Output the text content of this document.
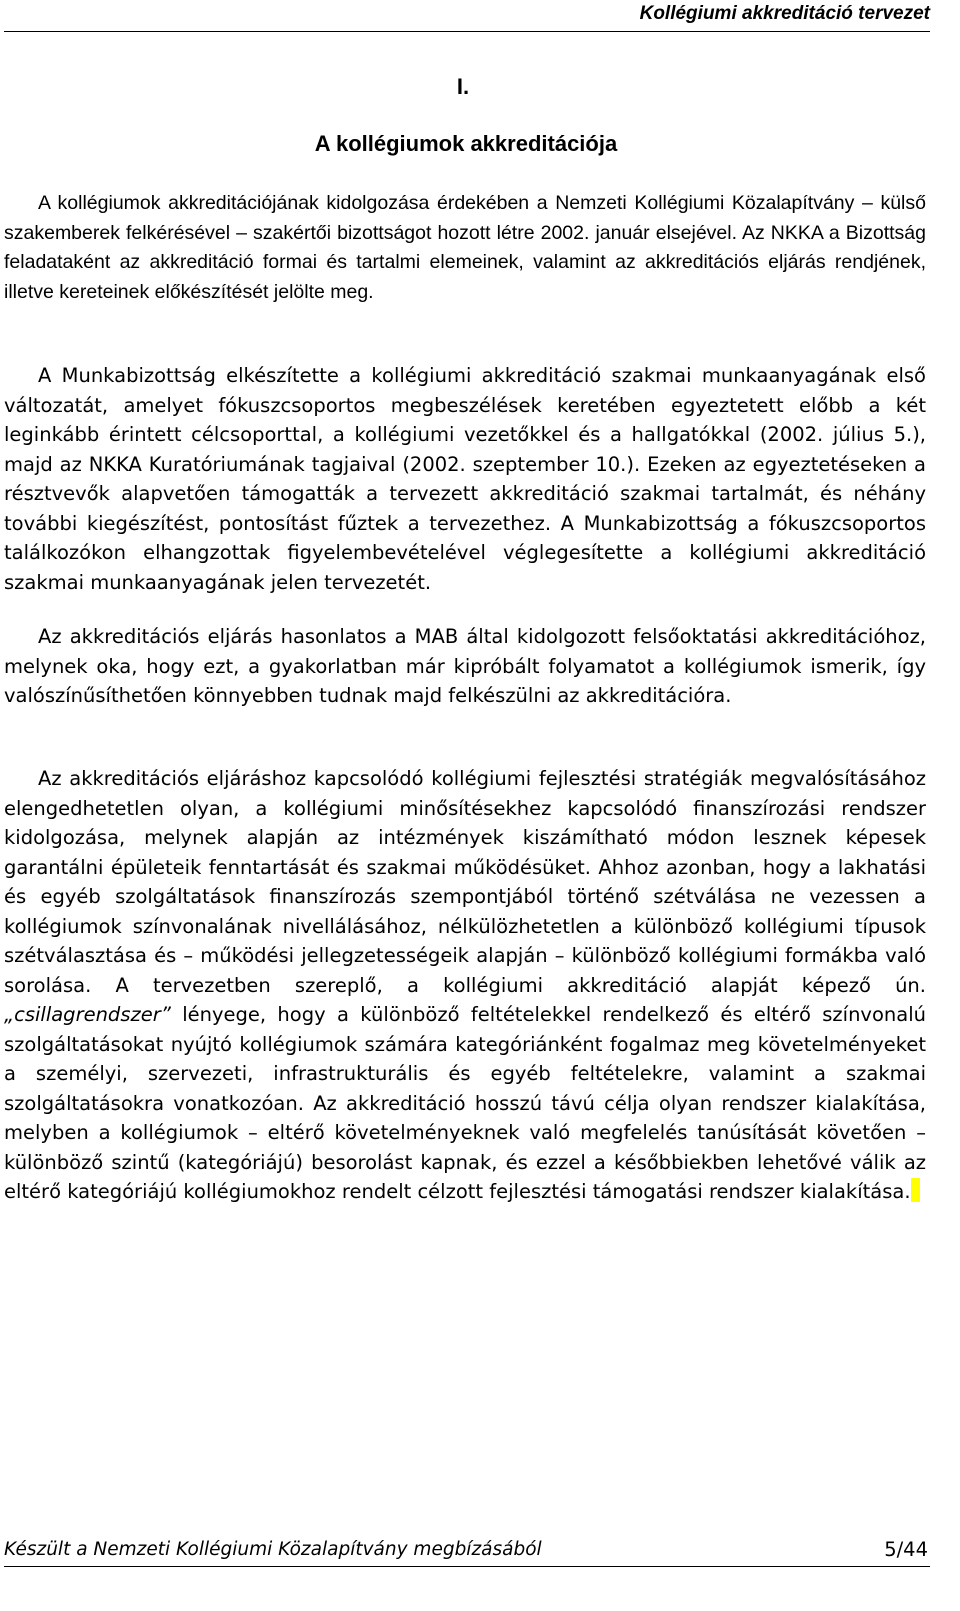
Kollégiumi akkreditáció tervezet
I.
A kollégiumok akkreditációja

A kollégiumok akkreditációjának kidolgozása érdekében a Nemzeti Kollégiumi Közalapítvány – külső szakemberek felkérésével – szakértői bizottságot hozott létre 2002. január elsejével. Az NKKA a Bizottság feladataként az akkreditáció formai és tartalmi elemeinek, valamint az akkreditációs eljárás rendjének, illetve kereteinek előkészítését jelölte meg.

A Munkabizottság elkészítette a kollégiumi akkreditáció szakmai munkaanyagának első változatát, amelyet fókuszcsoportos megbeszélések keretében egyeztetett előbb a két leginkább érintett célcsoporttal, a kollégiumi vezetőkkel és a hallgatókkal (2002. július 5.), majd az NKKA Kuratóriumának tagjaival (2002. szeptember 10.). Ezeken az egyeztetéseken a résztvevők alapvetően támogatták a tervezett akkreditáció szakmai tartalmát, és néhány további kiegészítést, pontosítást fűztek a tervezethez. A Munkabizottság a fókuszcsoportos találkozókon elhangzottak figyelembevételével véglegesítette a kollégiumi akkreditáció szakmai munkaanyagának jelen tervezetét.

Az akkreditációs eljárás hasonlatos a MAB által kidolgozott felsőoktatási akkreditációhoz, melynek oka, hogy ezt, a gyakorlatban már kipróbált folyamatot a kollégiumok ismerik, így valószínűsíthetően könnyebben tudnak majd felkészülni az akkreditációra.

Az akkreditációs eljáráshoz kapcsolódó kollégiumi fejlesztési stratégiák megvalósításához elengedhetetlen olyan, a kollégiumi minősítésekhez kapcsolódó finanszírozási rendszer kidolgozása, melynek alapján az intézmények kiszámítható módon lesznek képesek garantálni épületeik fenntartását és szakmai működésüket. Ahhoz azonban, hogy a lakhatási és egyéb szolgáltatások finanszírozás szempontjából történő szétválása ne vezessen a kollégiumok színvonalának nivellálásához, nélkülözhetetlen a különböző kollégiumi típusok szétválasztása és – működési jellegzetességeik alapján – különböző kollégiumi formákba való sorolása. A tervezetben szereplő, a kollégiumi akkreditáció alapját képező ún. „csillagrendszer” lényege, hogy a különböző feltételekkel rendelkező és eltérő színvonalú szolgáltatásokat nyújtó kollégiumok számára kategóriánként fogalmaz meg követelményeket a személyi, szervezeti, infrastrukturális és egyéb feltételekre, valamint a szakmai szolgáltatásokra vonatkozóan. Az akkreditáció hosszú távú célja olyan rendszer kialakítása, melyben a kollégiumok – eltérő követelményeknek való megfelelés tanúsítását követően – különböző szintű (kategóriájú) besorolást kapnak, és ezzel a későbbiekben lehetővé válik az eltérő kategóriájú kollégiumokhoz rendelt célzott fejlesztési támogatási rendszer kialakítása.

Készült a Nemzeti Kollégiumi Közalapítvány megbízásából	5/44
